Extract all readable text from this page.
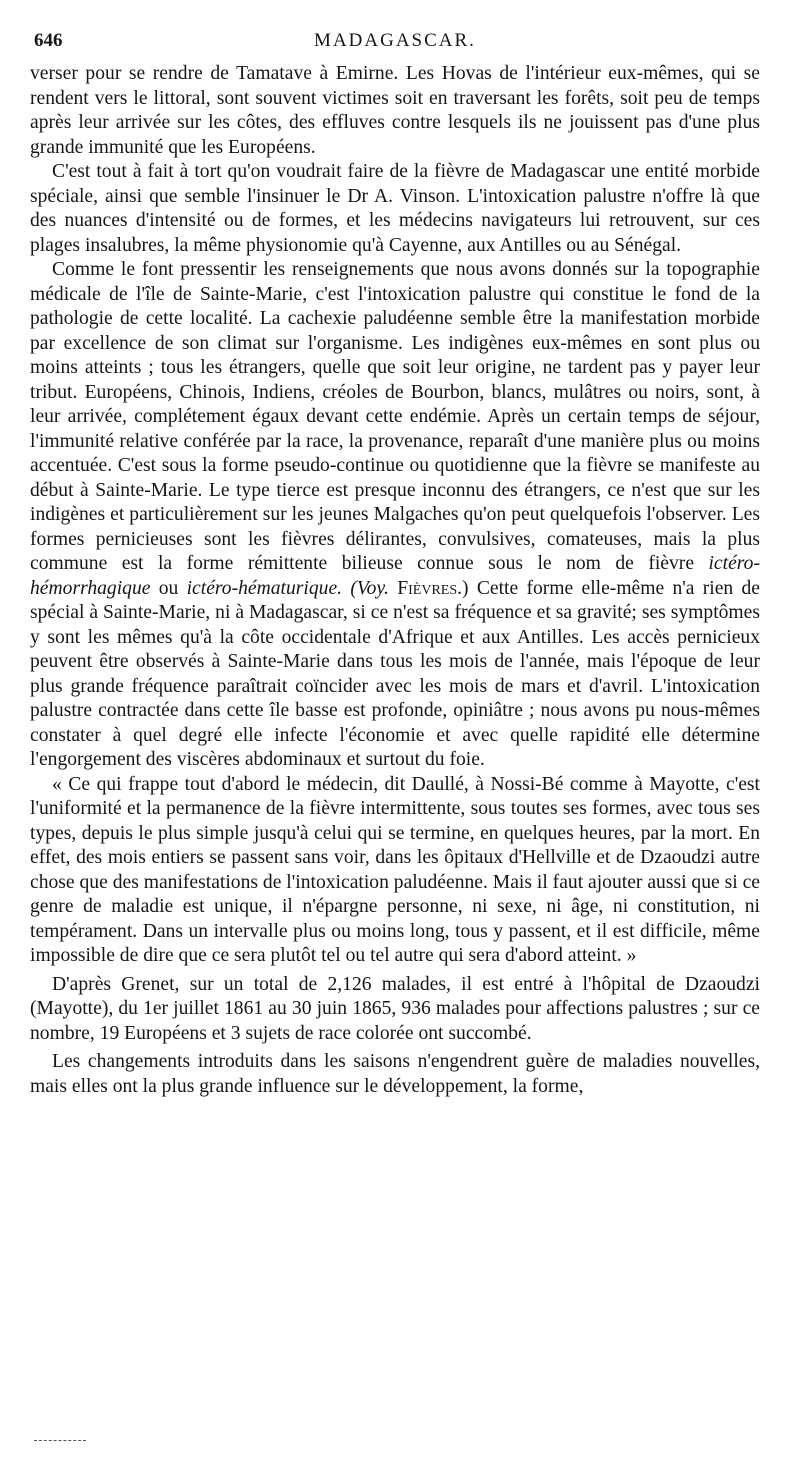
646	MADAGASCAR.

verser pour se rendre de Tamatave à Emirne. Les Hovas de l'intérieur eux-mêmes, qui se rendent vers le littoral, sont souvent victimes soit en traversant les forêts, soit peu de temps après leur arrivée sur les côtes, des effluves contre lesquels ils ne jouissent pas d'une plus grande immunité que les Européens.

C'est tout à fait à tort qu'on voudrait faire de la fièvre de Madagascar une entité morbide spéciale, ainsi que semble l'insinuer le Dr A. Vinson. L'intoxication palustre n'offre là que des nuances d'intensité ou de formes, et les médecins navigateurs lui retrouvent, sur ces plages insalubres, la même physionomie qu'à Cayenne, aux Antilles ou au Sénégal.

Comme le font pressentir les renseignements que nous avons donnés sur la topographie médicale de l'île de Sainte-Marie, c'est l'intoxication palustre qui constitue le fond de la pathologie de cette localité. La cachexie paludéenne semble être la manifestation morbide par excellence de son climat sur l'organisme. Les indigènes eux-mêmes en sont plus ou moins atteints ; tous les étrangers, quelle que soit leur origine, ne tardent pas y payer leur tribut. Européens, Chinois, Indiens, créoles de Bourbon, blancs, mulâtres ou noirs, sont, à leur arrivée, complétement égaux devant cette endémie. Après un certain temps de séjour, l'immunité relative conférée par la race, la provenance, reparaît d'une manière plus ou moins accentuée. C'est sous la forme pseudo-continue ou quotidienne que la fièvre se manifeste au début à Sainte-Marie. Le type tierce est presque inconnu des étrangers, ce n'est que sur les indigènes et particulièrement sur les jeunes Malgaches qu'on peut quelquefois l'observer. Les formes pernicieuses sont les fièvres délirantes, convulsives, comateuses, mais la plus commune est la forme rémittente bilieuse connue sous le nom de fièvre ictéro-hémorrhagique ou ictéro-hématurique. (Voy. Fièvres.) Cette forme elle-même n'a rien de spécial à Sainte-Marie, ni à Madagascar, si ce n'est sa fréquence et sa gravité; ses symptômes y sont les mêmes qu'à la côte occidentale d'Afrique et aux Antilles. Les accès pernicieux peuvent être observés à Sainte-Marie dans tous les mois de l'année, mais l'époque de leur plus grande fréquence paraîtrait coïncider avec les mois de mars et d'avril. L'intoxication palustre contractée dans cette île basse est profonde, opiniâtre ; nous avons pu nous-mêmes constater à quel degré elle infecte l'économie et avec quelle rapidité elle détermine l'engorgement des viscères abdominaux et surtout du foie.

« Ce qui frappe tout d'abord le médecin, dit Daullé, à Nossi-Bé comme à Mayotte, c'est l'uniformité et la permanence de la fièvre intermittente, sous toutes ses formes, avec tous ses types, depuis le plus simple jusqu'à celui qui se termine, en quelques heures, par la mort. En effet, des mois entiers se passent sans voir, dans les ôpitaux d'Hellville et de Dzaoudzi autre chose que des manifestations de l'intoxication paludéenne. Mais il faut ajouter aussi que si ce genre de maladie est unique, il n'épargne personne, ni sexe, ni âge, ni constitution, ni tempérament. Dans un intervalle plus ou moins long, tous y passent, et il est difficile, même impossible de dire que ce sera plutôt tel ou tel autre qui sera d'abord atteint. »

D'après Grenet, sur un total de 2,126 malades, il est entré à l'hôpital de Dzaoudzi (Mayotte), du 1er juillet 1861 au 30 juin 1865, 936 malades pour affections palustres ; sur ce nombre, 19 Européens et 3 sujets de race colorée ont succombé.

Les changements introduits dans les saisons n'engendrent guère de maladies nouvelles, mais elles ont la plus grande influence sur le développement, la forme,
